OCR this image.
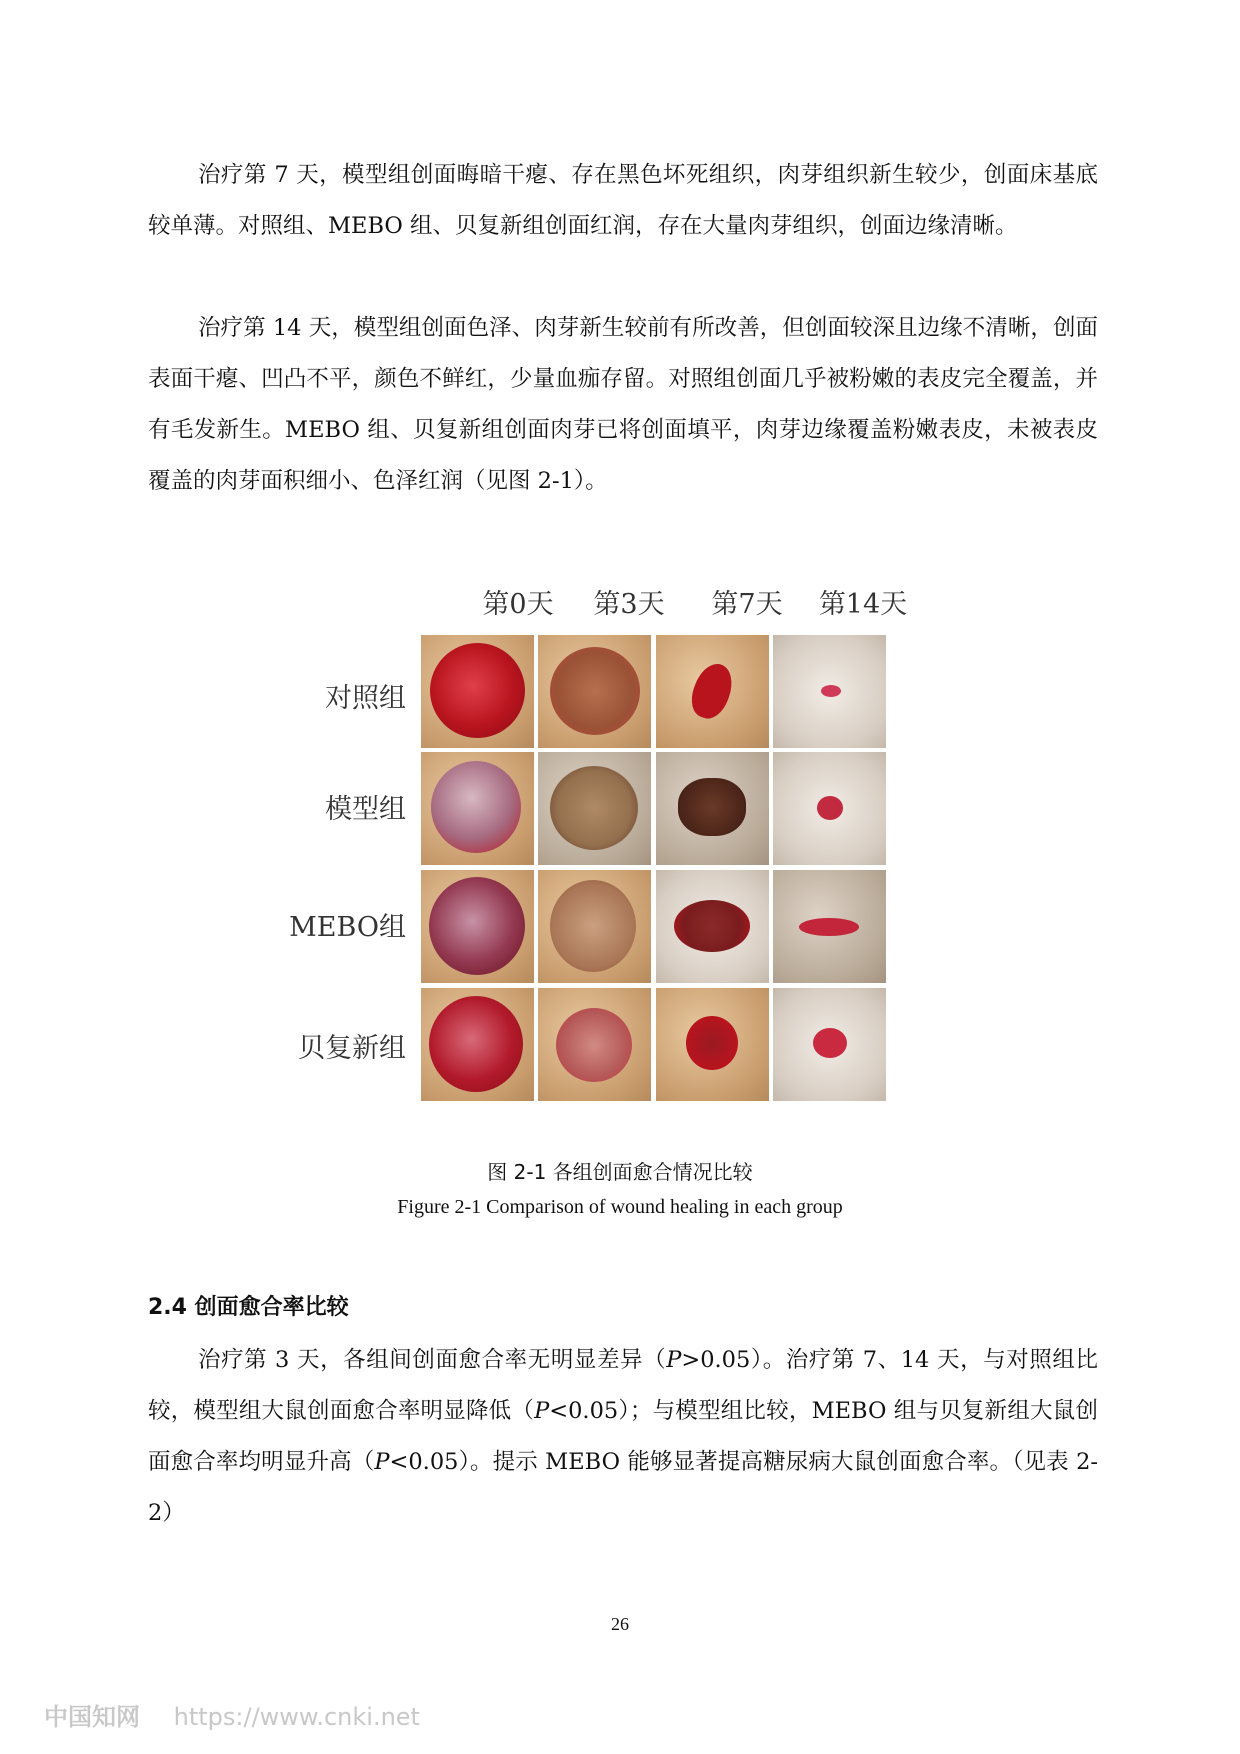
治疗第 7 天，模型组创面晦暗干瘪、存在黑色坏死组织，肉芽组织新生较少，创面床基底较单薄。对照组、MEBO 组、贝复新组创面红润，存在大量肉芽组织，创面边缘清晰。

治疗第 14 天，模型组创面色泽、肉芽新生较前有所改善，但创面较深且边缘不清晰，创面表面干瘪、凹凸不平，颜色不鲜红，少量血痂存留。对照组创面几乎被粉嫩的表皮完全覆盖，并有毛发新生。MEBO 组、贝复新组创面肉芽已将创面填平，肉芽边缘覆盖粉嫩表皮，未被表皮覆盖的肉芽面积细小、色泽红润（见图 2-1）。

第0天	第3天	第7天	第14天
对照组
模型组
MEBO组
贝复新组
图 2-1 各组创面愈合情况比较
Figure 2-1 Comparison of wound healing in each group
2.4 创面愈合率比较

治疗第 3 天，各组间创面愈合率无明显差异（P>0.05）。治疗第 7、14 天，与对照组比较，模型组大鼠创面愈合率明显降低（P<0.05）；与模型组比较，MEBO 组与贝复新组大鼠创面愈合率均明显升高（P<0.05）。提示 MEBO 能够显著提高糖尿病大鼠创面愈合率。（见表 2-2）

26
中国知网 https://www.cnki.net
